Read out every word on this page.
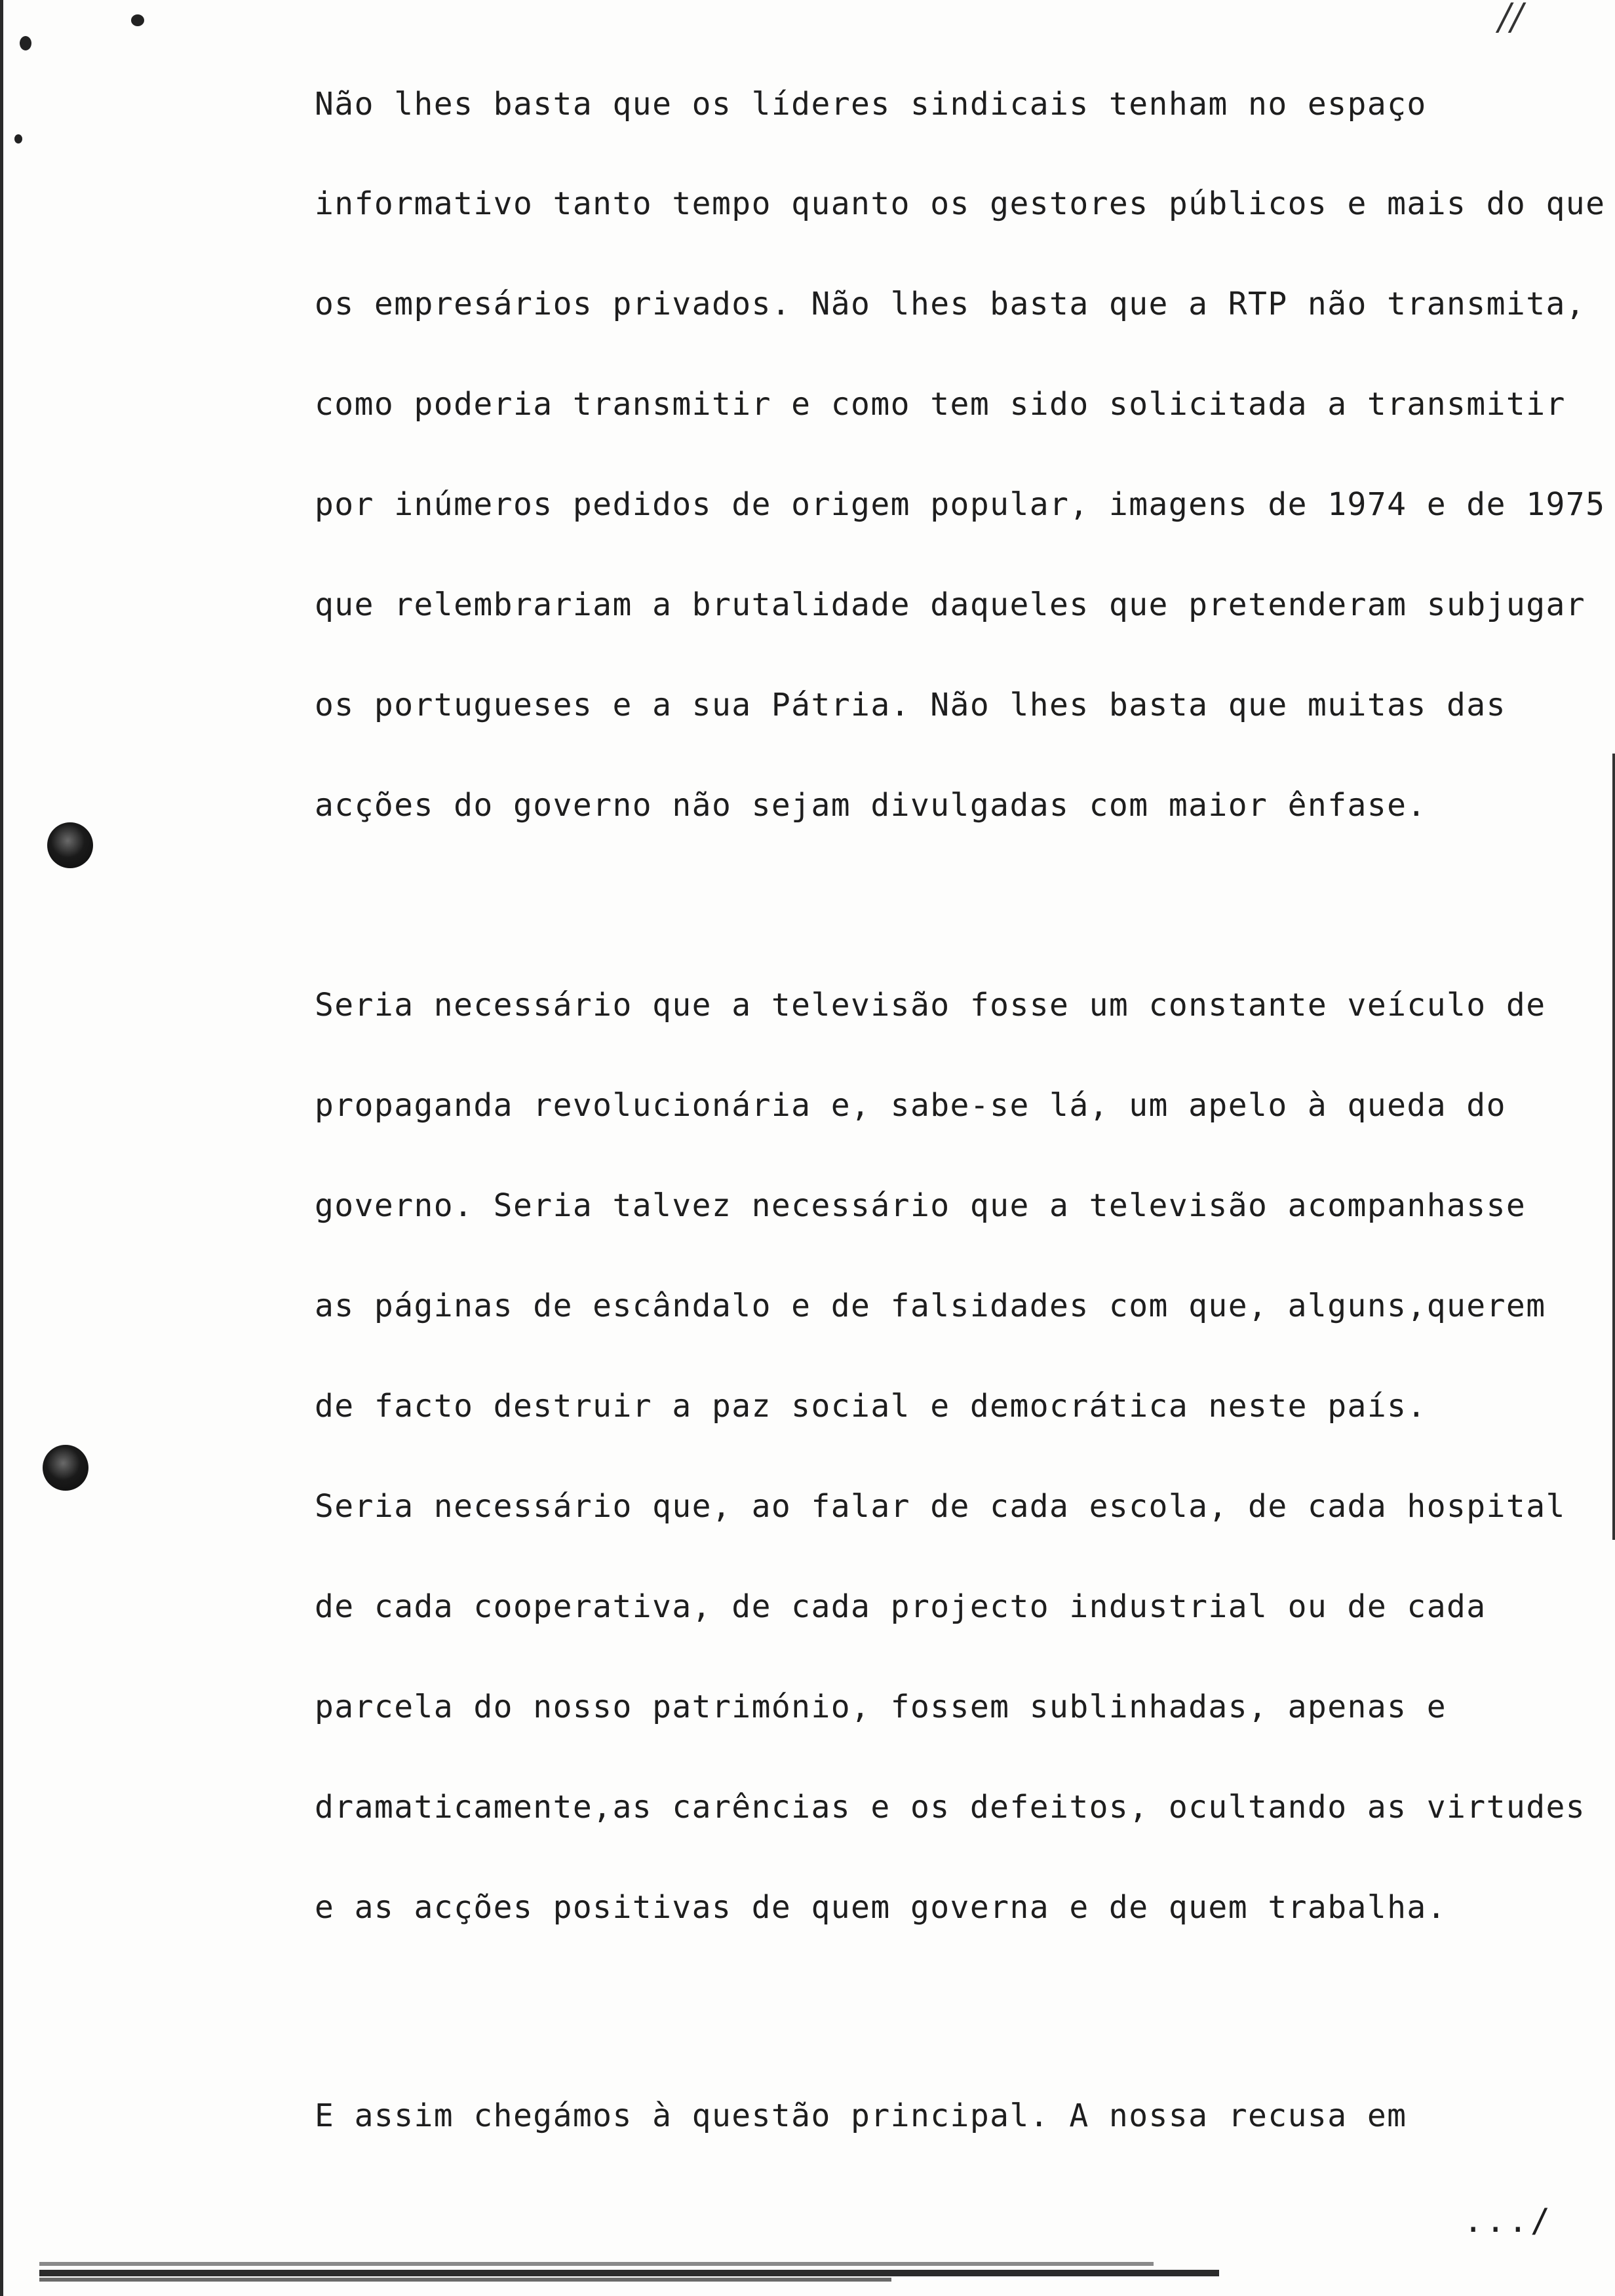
//
Não lhes basta que os líderes sindicais tenham no espaço
informativo tanto tempo quanto os gestores públicos e mais do que
os empresários privados. Não lhes basta que a RTP não transmita,
como poderia transmitir e como tem sido solicitada a transmitir
por inúmeros pedidos de origem popular, imagens de 1974 e de 1975
que relembrariam a brutalidade daqueles que pretenderam subjugar
os portugueses e a sua Pátria. Não lhes basta que muitas das
acções do governo não sejam divulgadas com maior ênfase.
Seria necessário que a televisão fosse um constante veículo de
propaganda revolucionária e, sabe-se lá, um apelo à queda do
governo. Seria talvez necessário que a televisão acompanhasse
as páginas de escândalo e de falsidades com que, alguns,querem
de facto destruir a paz social e democrática neste país.
Seria necessário que, ao falar de cada escola, de cada hospital
de cada cooperativa, de cada projecto industrial ou de cada
parcela do nosso património, fossem sublinhadas, apenas e
dramaticamente,as carências e os defeitos, ocultando as virtudes
e as acções positivas de quem governa e de quem trabalha.
E assim chegámos à questão principal. A nossa recusa em
.../
